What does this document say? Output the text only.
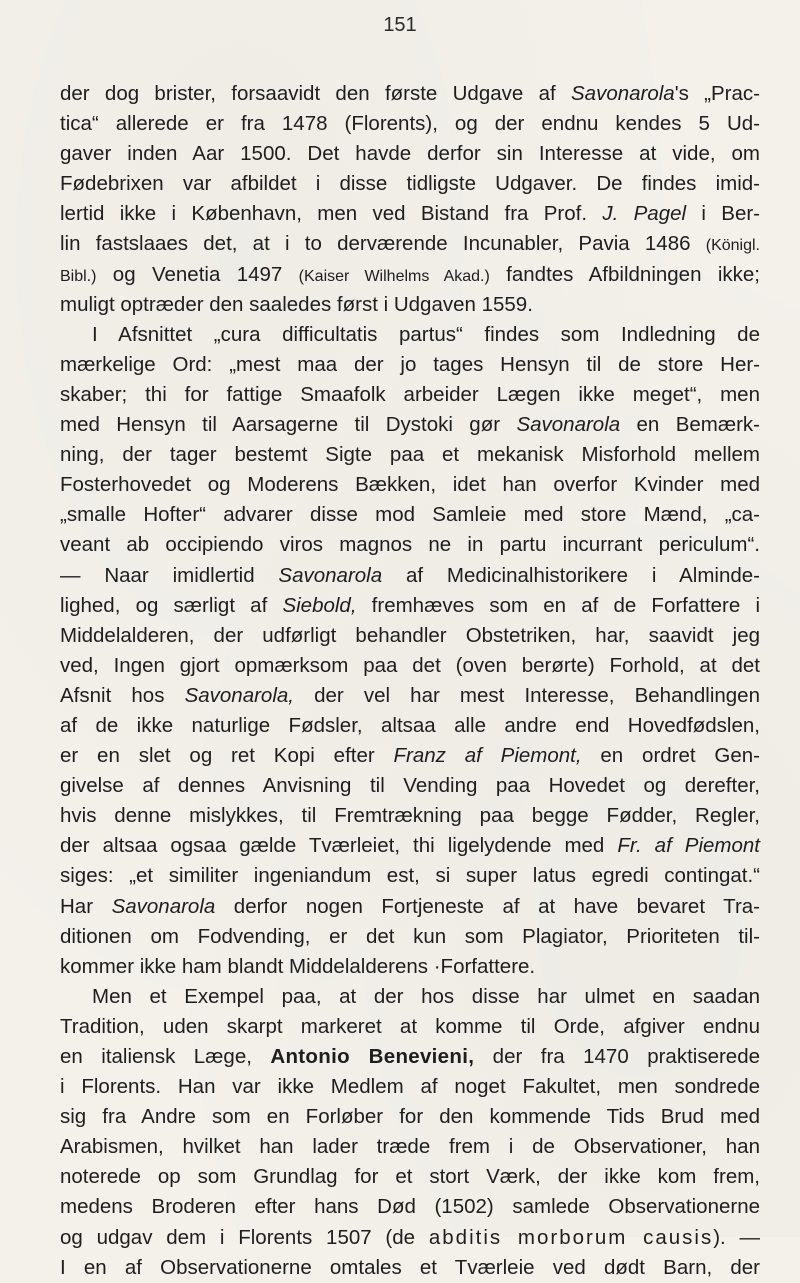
151
der dog brister, forsaavidt den første Udgave af Savonarola's „Prac-
tica“ allerede er fra 1478 (Florents), og der endnu kendes 5 Ud-
gaver inden Aar 1500. Det havde derfor sin Interesse at vide, om
Fødebrixen var afbildet i disse tidligste Udgaver. De findes imid-
lertid ikke i København, men ved Bistand fra Prof. J. Pagel i Ber-
lin fastslaaes det, at i to derværende Incunabler, Pavia 1486 (Königl.
Bibl.) og Venetia 1497 (Kaiser Wilhelms Akad.) fandtes Afbildningen ikke;
muligt optræder den saaledes først i Udgaven 1559.
I Afsnittet „cura difficultatis partus“ findes som Indledning de
mærkelige Ord: „mest maa der jo tages Hensyn til de store Her-
skaber; thi for fattige Smaafolk arbeider Lægen ikke meget“, men
med Hensyn til Aarsagerne til Dystoki gør Savonarola en Bemærk-
ning, der tager bestemt Sigte paa et mekanisk Misforhold mellem
Fosterhovedet og Moderens Bækken, idet han overfor Kvinder med
„smalle Hofter“ advarer disse mod Samleie med store Mænd, „ca-
veant ab occipiendo viros magnos ne in partu incurrant periculum“.
— Naar imidlertid Savonarola af Medicinalhistorikere i Alminde-
lighed, og særligt af Siebold, fremhæves som en af de Forfattere i
Middelalderen, der udførligt behandler Obstetriken, har, saavidt jeg
ved, Ingen gjort opmærksom paa det (oven berørte) Forhold, at det
Afsnit hos Savonarola, der vel har mest Interesse, Behandlingen
af de ikke naturlige Fødsler, altsaa alle andre end Hovedfødslen,
er en slet og ret Kopi efter Franz af Piemont, en ordret Gen-
givelse af dennes Anvisning til Vending paa Hovedet og derefter,
hvis denne mislykkes, til Fremtrækning paa begge Fødder, Regler,
der altsaa ogsaa gælde Tværleiet, thi ligelydende med Fr. af Piemont
siges: „et similiter ingeniandum est, si super latus egredi contingat.“
Har Savonarola derfor nogen Fortjeneste af at have bevaret Tra-
ditionen om Fodvending, er det kun som Plagiator, Prioriteten til-
kommer ikke ham blandt Middelalderens ·Forfattere.
Men et Exempel paa, at der hos disse har ulmet en saadan
Tradition, uden skarpt markeret at komme til Orde, afgiver endnu
en italiensk Læge, Antonio Benevieni, der fra 1470 praktiserede
i Florents. Han var ikke Medlem af noget Fakultet, men sondrede
sig fra Andre som en Forløber for den kommende Tids Brud med
Arabismen, hvilket han lader træde frem i de Observationer, han
noterede op som Grundlag for et stort Værk, der ikke kom frem,
medens Broderen efter hans Død (1502) samlede Observationerne
og udgav dem i Florents 1507 (de abditis morborum causis). —
I en af Observationerne omtales et Tværleie ved dødt Barn, der
